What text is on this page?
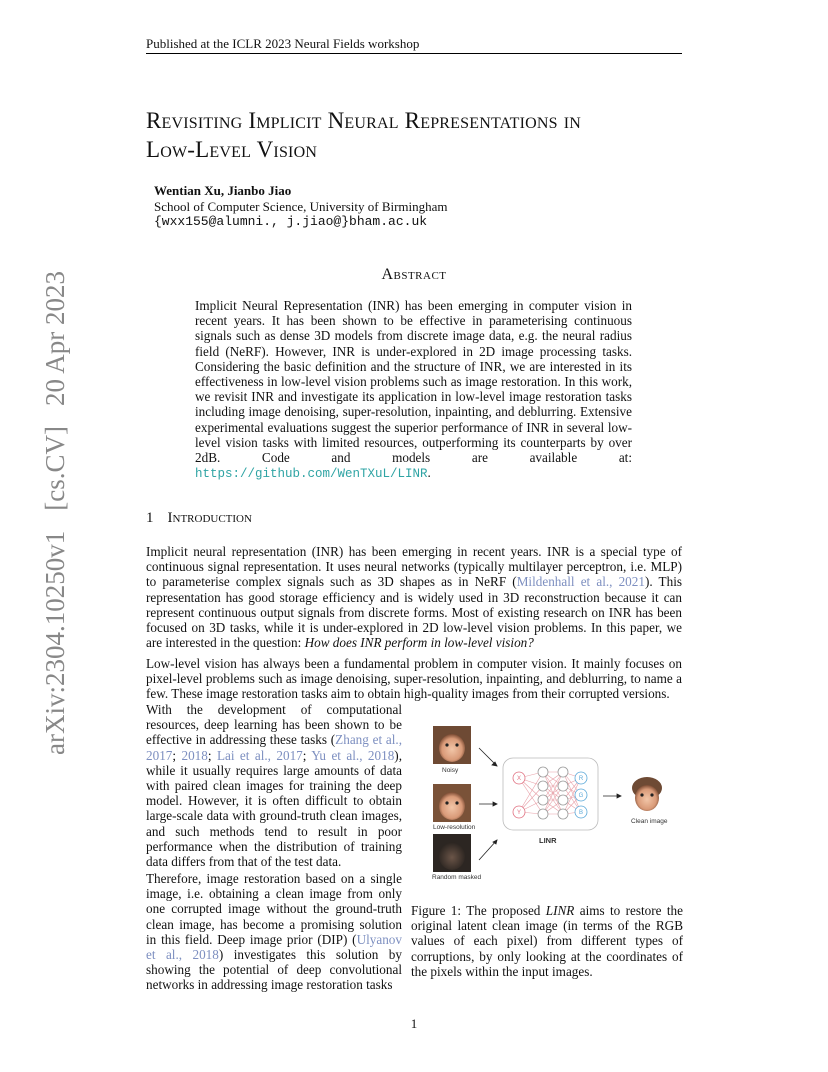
Published at the ICLR 2023 Neural Fields workshop
Revisiting Implicit Neural Representations in
Low-Level Vision
Wentian Xu, Jianbo Jiao
School of Computer Science, University of Birmingham
{wxx155@alumni., j.jiao@}bham.ac.uk
Abstract
Implicit Neural Representation (INR) has been emerging in computer vision in recent years. It has been shown to be effective in parameterising continuous signals such as dense 3D models from discrete image data, e.g. the neural radius field (NeRF). However, INR is under-explored in 2D image processing tasks. Considering the basic definition and the structure of INR, we are interested in its effectiveness in low-level vision problems such as image restoration. In this work, we revisit INR and investigate its application in low-level image restoration tasks including image denoising, super-resolution, inpainting, and deblurring. Extensive experimental evaluations suggest the superior performance of INR in several low-level vision tasks with limited resources, outperforming its counterparts by over 2dB. Code and models are available at: https://github.com/WenTXuL/LINR.
1 Introduction
Implicit neural representation (INR) has been emerging in recent years. INR is a special type of continuous signal representation. It uses neural networks (typically multilayer perceptron, i.e. MLP) to parameterise complex signals such as 3D shapes as in NeRF (Mildenhall et al., 2021). This representation has good storage efficiency and is widely used in 3D reconstruction because it can represent continuous output signals from discrete forms. Most of existing research on INR has been focused on 3D tasks, while it is under-explored in 2D low-level vision problems. In this paper, we are interested in the question: How does INR perform in low-level vision?
Low-level vision has always been a fundamental problem in computer vision. It mainly focuses on pixel-level problems such as image denoising, super-resolution, inpainting, and deblurring, to name a few. These image restoration tasks aim to obtain high-quality images from their corrupted versions.
With the development of computational resources, deep learning has been shown to be effective in addressing these tasks (Zhang et al., 2017; 2018; Lai et al., 2017; Yu et al., 2018), while it usually requires large amounts of data with paired clean images for training the deep model. However, it is often difficult to obtain large-scale data with ground-truth clean images, and such methods tend to result in poor performance when the distribution of training data differs from that of the test data.
Therefore, image restoration based on a single image, i.e. obtaining a clean image from only one corrupted image without the ground-truth clean image, has become a promising solution in this field. Deep image prior (DIP) (Ulyanov et al., 2018) investigates this solution by showing the potential of deep convolutional networks in addressing image restoration tasks
X
Y
R
G
B
Noisy
Low-resolution
Random masked
Clean image
LINR
Figure 1: The proposed LINR aims to restore the original latent clean image (in terms of the RGB values of each pixel) from different types of corruptions, by only looking at the coordinates of the pixels within the input images.
1
arXiv:2304.10250v1[cs.CV]20 Apr 2023
